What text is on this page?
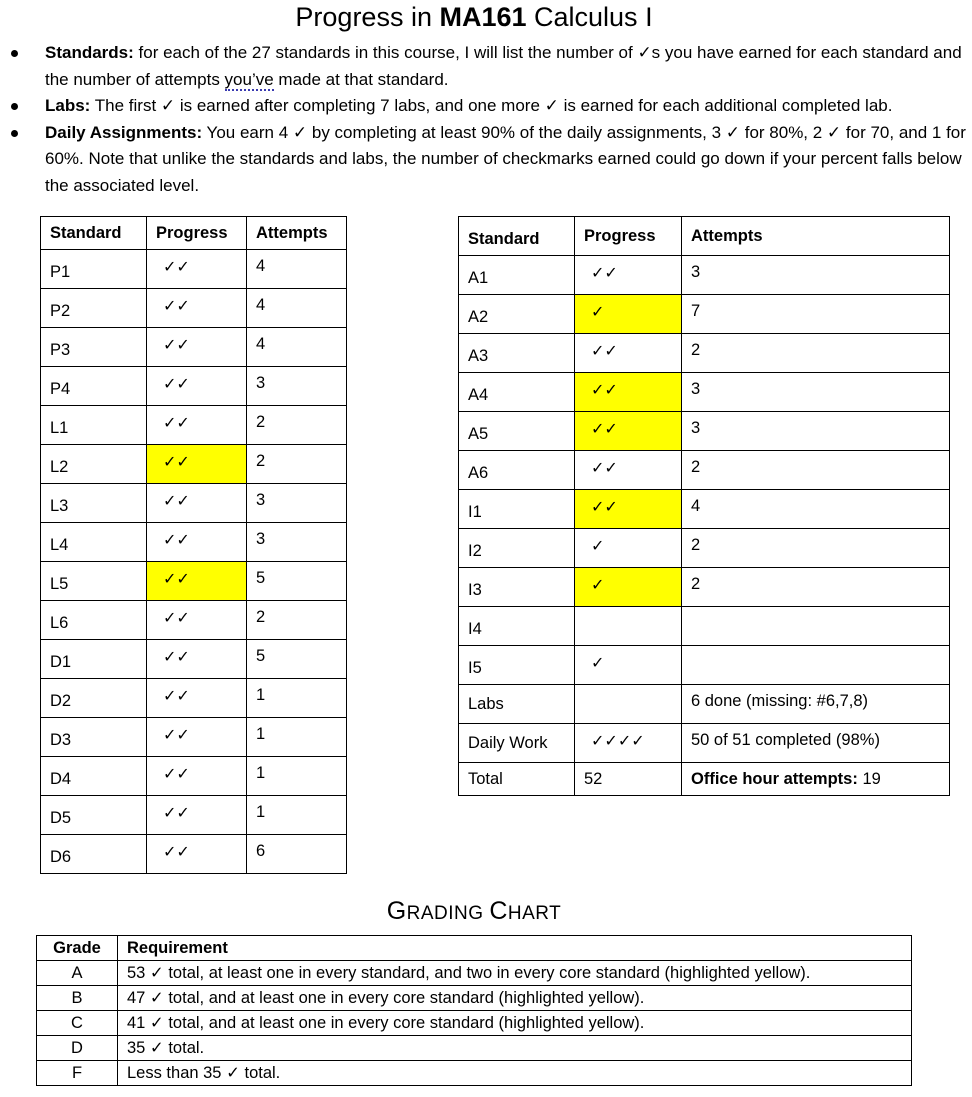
Progress in MA161 Calculus I
Standards: for each of the 27 standards in this course, I will list the number of ✓s you have earned for each standard and the number of attempts you’ve made at that standard.
Labs: The first ✓ is earned after completing 7 labs, and one more ✓ is earned for each additional completed lab.
Daily Assignments: You earn 4 ✓ by completing at least 90% of the daily assignments, 3 ✓ for 80%, 2 ✓ for 70, and 1 for 60%. Note that unlike the standards and labs, the number of checkmarks earned could go down if your percent falls below the associated level.
Standard	Progress	Attempts
P1	✓✓	4
P2	✓✓	4
P3	✓✓	4
P4	✓✓	3
L1	✓✓	2
L2	✓✓	2
L3	✓✓	3
L4	✓✓	3
L5	✓✓	5
L6	✓✓	2
D1	✓✓	5
D2	✓✓	1
D3	✓✓	1
D4	✓✓	1
D5	✓✓	1
D6	✓✓	6
Standard	Progress	Attempts
A1	✓✓	3
A2	✓	7
A3	✓✓	2
A4	✓✓	3
A5	✓✓	3
A6	✓✓	2
I1	✓✓	4
I2	✓	2
I3	✓	2
I4		
I5	✓	
Labs		6 done (missing: #6,7,8)
Daily Work	✓✓✓✓	50 of 51 completed (98%)
Total	52	Office hour attempts: 19
GRADING CHART
Grade	Requirement
A	53 ✓ total, at least one in every standard, and two in every core standard (highlighted yellow).
B	47 ✓ total, and at least one in every core standard (highlighted yellow).
C	41 ✓ total, and at least one in every core standard (highlighted yellow).
D	35 ✓ total.
F	Less than 35 ✓ total.
